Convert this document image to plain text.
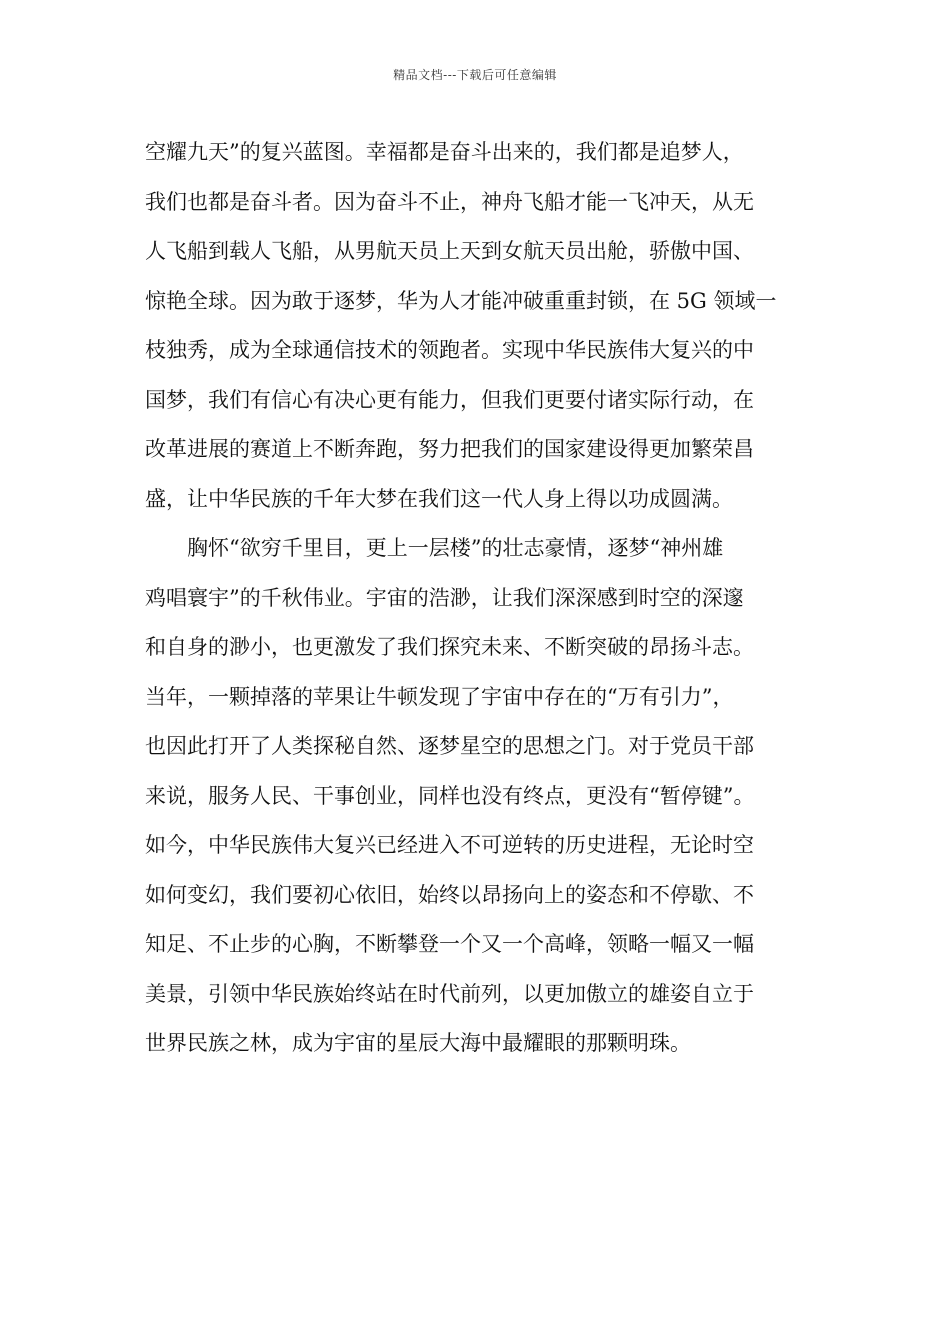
精品文档---下载后可任意编辑
空耀九天”的复兴蓝图。幸福都是奋斗出来的，我们都是追梦人，
我们也都是奋斗者。因为奋斗不止，神舟飞船才能一飞冲天，从无
人飞船到载人飞船，从男航天员上天到女航天员出舱，骄傲中国、
惊艳全球。因为敢于逐梦，华为人才能冲破重重封锁，在 5G 领域一
枝独秀，成为全球通信技术的领跑者。实现中华民族伟大复兴的中
国梦，我们有信心有决心更有能力，但我们更要付诸实际行动，在
改革进展的赛道上不断奔跑，努力把我们的国家建设得更加繁荣昌
盛，让中华民族的千年大梦在我们这一代人身上得以功成圆满。
胸怀“欲穷千里目，更上一层楼”的壮志豪情，逐梦“神州雄
鸡唱寰宇”的千秋伟业。宇宙的浩渺，让我们深深感到时空的深邃
和自身的渺小，也更激发了我们探究未来、不断突破的昂扬斗志。
当年，一颗掉落的苹果让牛顿发现了宇宙中存在的“万有引力”，
也因此打开了人类探秘自然、逐梦星空的思想之门。对于党员干部
来说，服务人民、干事创业，同样也没有终点，更没有“暂停键”。
如今，中华民族伟大复兴已经进入不可逆转的历史进程，无论时空
如何变幻，我们要初心依旧，始终以昂扬向上的姿态和不停歇、不
知足、不止步的心胸，不断攀登一个又一个高峰，领略一幅又一幅
美景，引领中华民族始终站在时代前列，以更加傲立的雄姿自立于
世界民族之林，成为宇宙的星辰大海中最耀眼的那颗明珠。
